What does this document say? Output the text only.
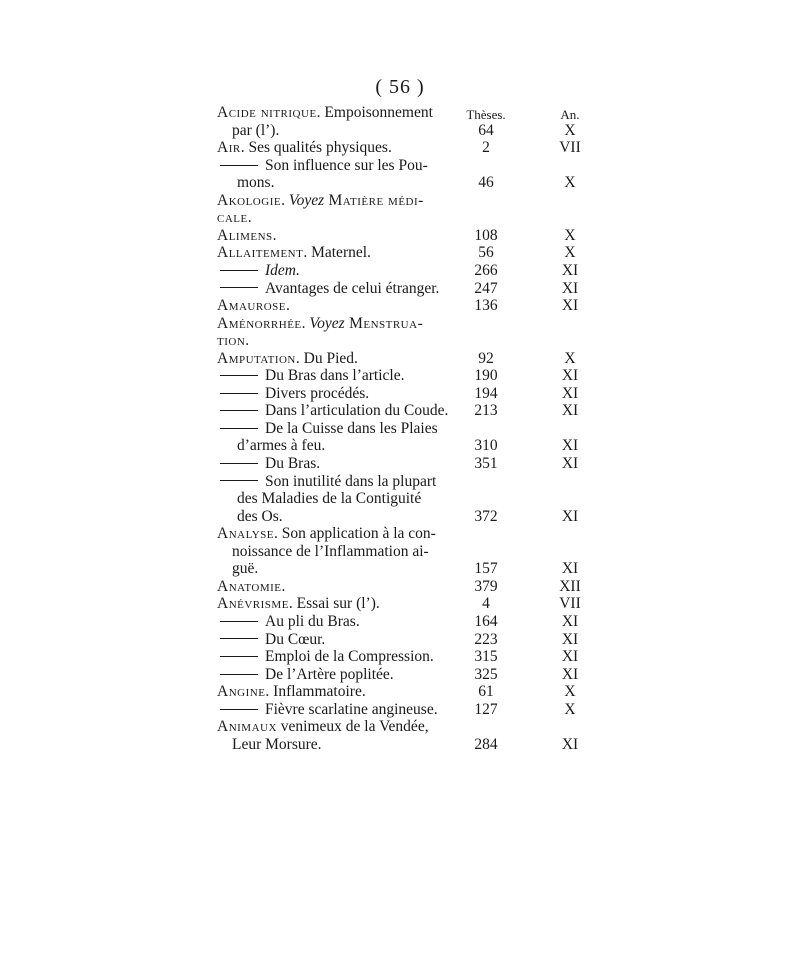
( 56 )
Thèses.	An.
Acide nitrique. Empoisonnement
par (l’).	64	X
Air. Ses qualités physiques.	2	VII
Son influence sur les Pou-
mons.	46	X
Akologie. Voyez Matière médi-
cale.
Alimens.	108	X
Allaitement. Maternel.	56	X
Idem.	266	XI
Avantages de celui étranger.	247	XI
Amaurose.	136	XI
Aménorrhée. Voyez Menstrua-
tion.
Amputation. Du Pied.	92	X
Du Bras dans l’article.	190	XI
Divers procédés.	194	XI
Dans l’articulation du Coude.	213	XI
De la Cuisse dans les Plaies
d’armes à feu.	310	XI
Du Bras.	351	XI
Son inutilité dans la plupart
des Maladies de la Contiguité
des Os.	372	XI
Analyse. Son application à la con-
noissance de l’Inflammation ai-
guë.	157	XI
Anatomie.	379	XII
Anévrisme. Essai sur (l’).	4	VII
Au pli du Bras.	164	XI
Du Cœur.	223	XI
Emploi de la Compression.	315	XI
De l’Artère poplitée.	325	XI
Angine. Inflammatoire.	61	X
Fièvre scarlatine angineuse.	127	X
Animaux venimeux de la Vendée,
Leur Morsure.	284	XI
